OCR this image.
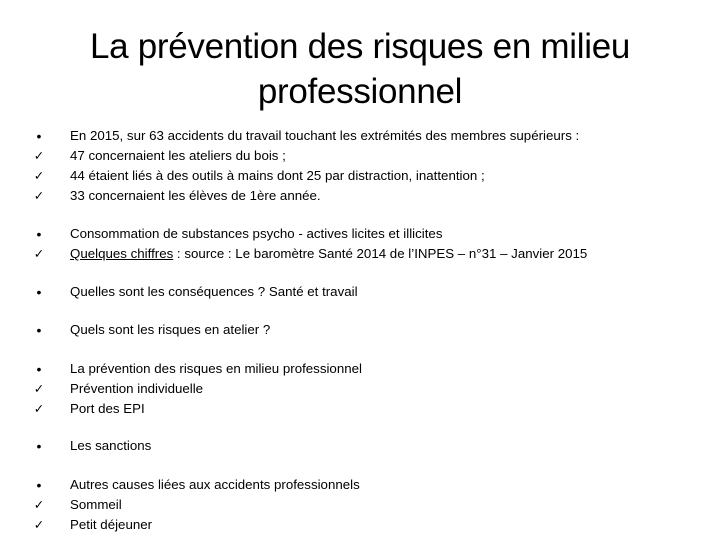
La prévention des risques en milieu
professionnel
•	En 2015, sur 63 accidents du travail touchant les extrémités des membres supérieurs :
✓ 47 concernaient les ateliers du bois ;
✓ 44 étaient liés à des outils à mains dont 25 par distraction, inattention ;
✓ 33 concernaient les élèves de 1ère année.
•	Consommation de substances psycho - actives licites et illicites
✓ Quelques chiffres : source : Le baromètre Santé 2014 de l’INPES – n°31 – Janvier 2015
•	Quelles sont les conséquences ? Santé et travail
•	Quels sont les risques en atelier ?
•	La prévention des risques en milieu professionnel
✓ Prévention individuelle
✓ Port des EPI
•	Les sanctions
•	Autres causes liées aux accidents professionnels
✓ Sommeil
✓ Petit déjeuner
